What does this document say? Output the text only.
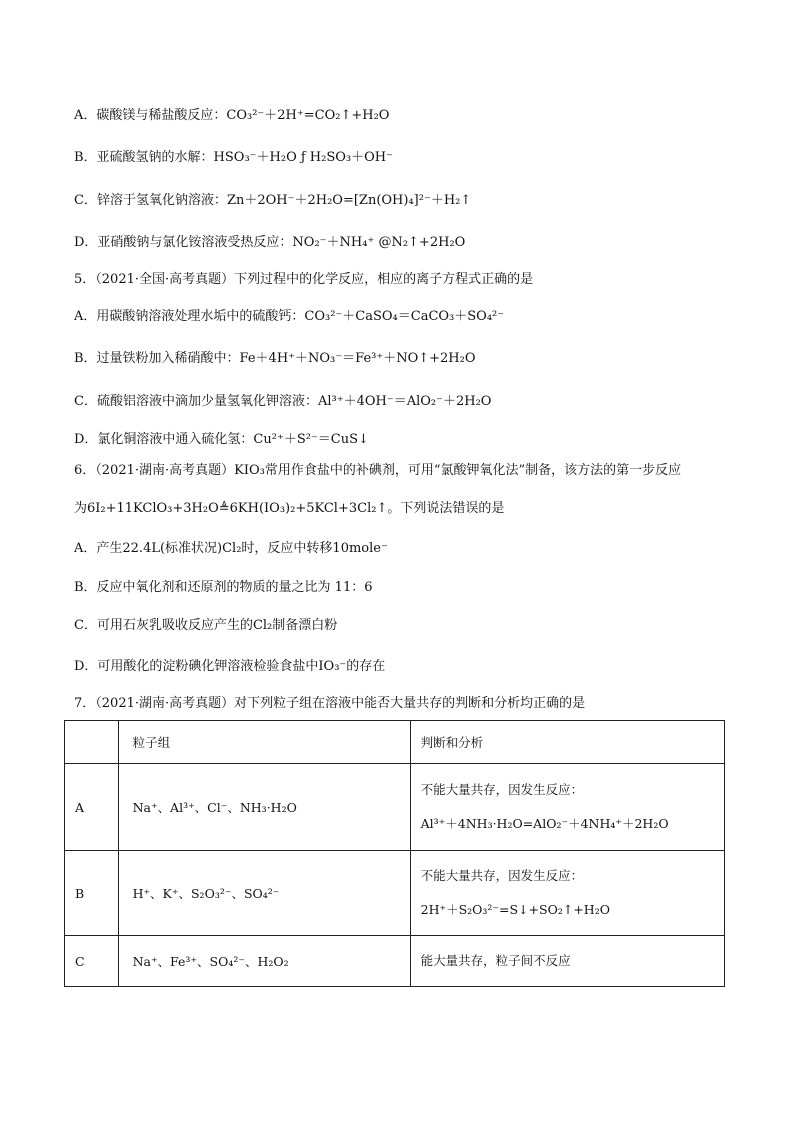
A．碳酸镁与稀盐酸反应：CO₃²⁻＋2H⁺=CO₂↑+H₂O
B．亚硫酸氢钠的水解：HSO₃⁻＋H₂O ƒ H₂SO₃＋OH⁻
C．锌溶于氢氧化钠溶液：Zn＋2OH⁻＋2H₂O=[Zn(OH)₄]²⁻＋H₂↑
D．亚硝酸钠与氯化铵溶液受热反应：NO₂⁻＋NH₄⁺ @N₂↑+2H₂O
5．（2021·全国·高考真题）下列过程中的化学反应，相应的离子方程式正确的是
A．用碳酸钠溶液处理水垢中的硫酸钙：CO₃²⁻＋CaSO₄＝CaCO₃＋SO₄²⁻
B．过量铁粉加入稀硝酸中：Fe＋4H⁺＋NO₃⁻＝Fe³⁺＋NO↑+2H₂O
C．硫酸铝溶液中滴加少量氢氧化钾溶液：Al³⁺＋4OH⁻＝AlO₂⁻＋2H₂O
D．氯化铜溶液中通入硫化氢：Cu²⁺＋S²⁻＝CuS↓
6．（2021·湖南·高考真题）KIO₃常用作食盐中的补碘剂，可用“氯酸钾氧化法”制备，该方法的第一步反应
为6I₂+11KClO₃+3H₂O≜6KH(IO₃)₂+5KCl+3Cl₂↑。下列说法错误的是
A．产生22.4L(标准状况)Cl₂时，反应中转移10mole⁻
B．反应中氧化剂和还原剂的物质的量之比为 11：6
C．可用石灰乳吸收反应产生的Cl₂制备漂白粉
D．可用酸化的淀粉碘化钾溶液检验食盐中IO₃⁻的存在
7．（2021·湖南·高考真题）对下列粒子组在溶液中能否大量共存的判断和分析均正确的是
	粒子组	判断和分析
A	Na⁺、Al³⁺、Cl⁻、NH₃·H₂O	不能大量共存，因发生反应：
Al³⁺＋4NH₃·H₂O=AlO₂⁻＋4NH₄⁺＋2H₂O

B	H⁺、K⁺、S₂O₃²⁻、SO₄²⁻	不能大量共存，因发生反应：
2H⁺＋S₂O₃²⁻=S↓+SO₂↑+H₂O

C	Na⁺、Fe³⁺、SO₄²⁻、H₂O₂	能大量共存，粒子间不反应
